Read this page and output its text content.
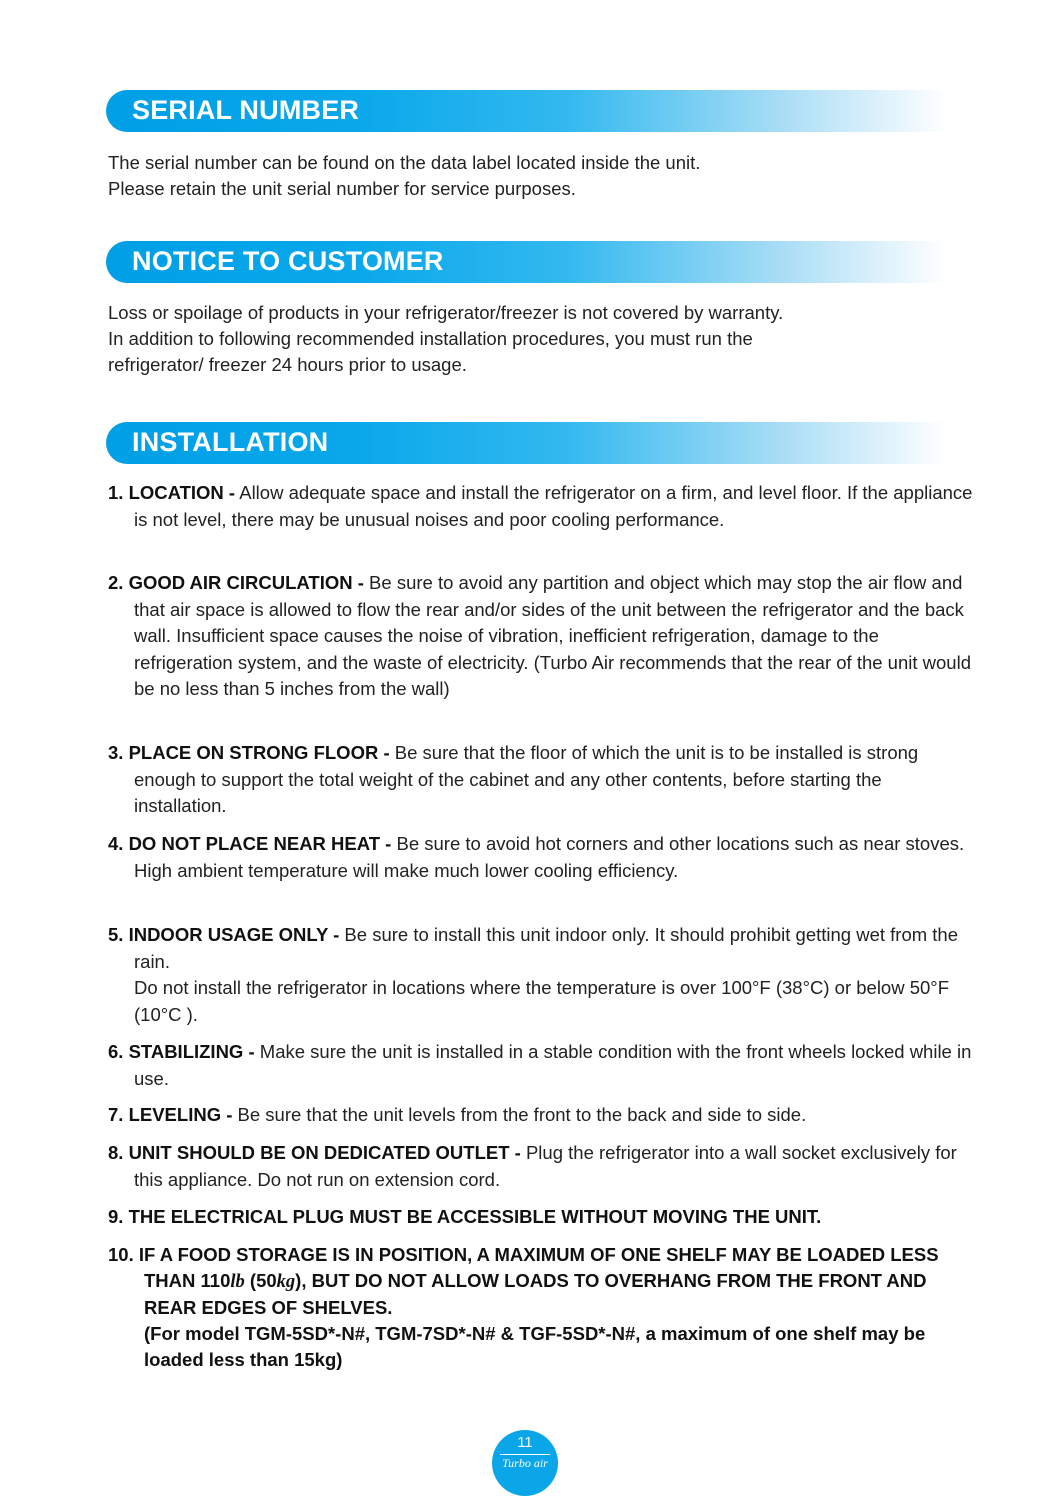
SERIAL NUMBER
The serial number can be found on the data label located inside the unit.
Please retain the unit serial number for service purposes.
NOTICE TO CUSTOMER
Loss or spoilage of products in your refrigerator/freezer is not covered by warranty.
In addition to following recommended installation procedures, you must run the
refrigerator/ freezer 24 hours prior to usage.
INSTALLATION
1. LOCATION - Allow adequate space and install the refrigerator on a firm, and level floor. If the appliance is not level, there may be unusual noises and poor cooling performance.
2. GOOD AIR CIRCULATION - Be sure to avoid any partition and object which may stop the air flow and that air space is allowed to flow the rear and/or sides of the unit between the refrigerator and the back wall. Insufficient space causes the noise of vibration, inefficient refrigeration, damage to the refrigeration system, and the waste of electricity. (Turbo Air recommends that the rear of the unit would be no less than 5 inches from the wall)
3. PLACE ON STRONG FLOOR - Be sure that the floor of which the unit is to be installed is strong enough to support the total weight of the cabinet and any other contents, before starting the installation.
4. DO NOT PLACE NEAR HEAT - Be sure to avoid hot corners and other locations such as near stoves. High ambient temperature will make much lower cooling efficiency.
5. INDOOR USAGE ONLY - Be sure to install this unit indoor only. It should prohibit getting wet from the rain.
Do not install the refrigerator in locations where the temperature is over 100°F (38°C) or below 50°F (10°C ).
6. STABILIZING - Make sure the unit is installed in a stable condition with the front wheels locked while in use.
7. LEVELING - Be sure that the unit levels from the front to the back and side to side.
8. UNIT SHOULD BE ON DEDICATED OUTLET - Plug the refrigerator into a wall socket exclusively for this appliance. Do not run on extension cord.
9. THE ELECTRICAL PLUG MUST BE ACCESSIBLE WITHOUT MOVING THE UNIT.
10. IF A FOOD STORAGE IS IN POSITION, A MAXIMUM OF ONE SHELF MAY BE LOADED LESS THAN 110lb (50kg), BUT DO NOT ALLOW LOADS TO OVERHANG FROM THE FRONT AND REAR EDGES OF SHELVES.
(For model TGM-5SD*-N#, TGM-7SD*-N# & TGF-5SD*-N#, a maximum of one shelf may be loaded less than 15kg)
11
Turbo air
